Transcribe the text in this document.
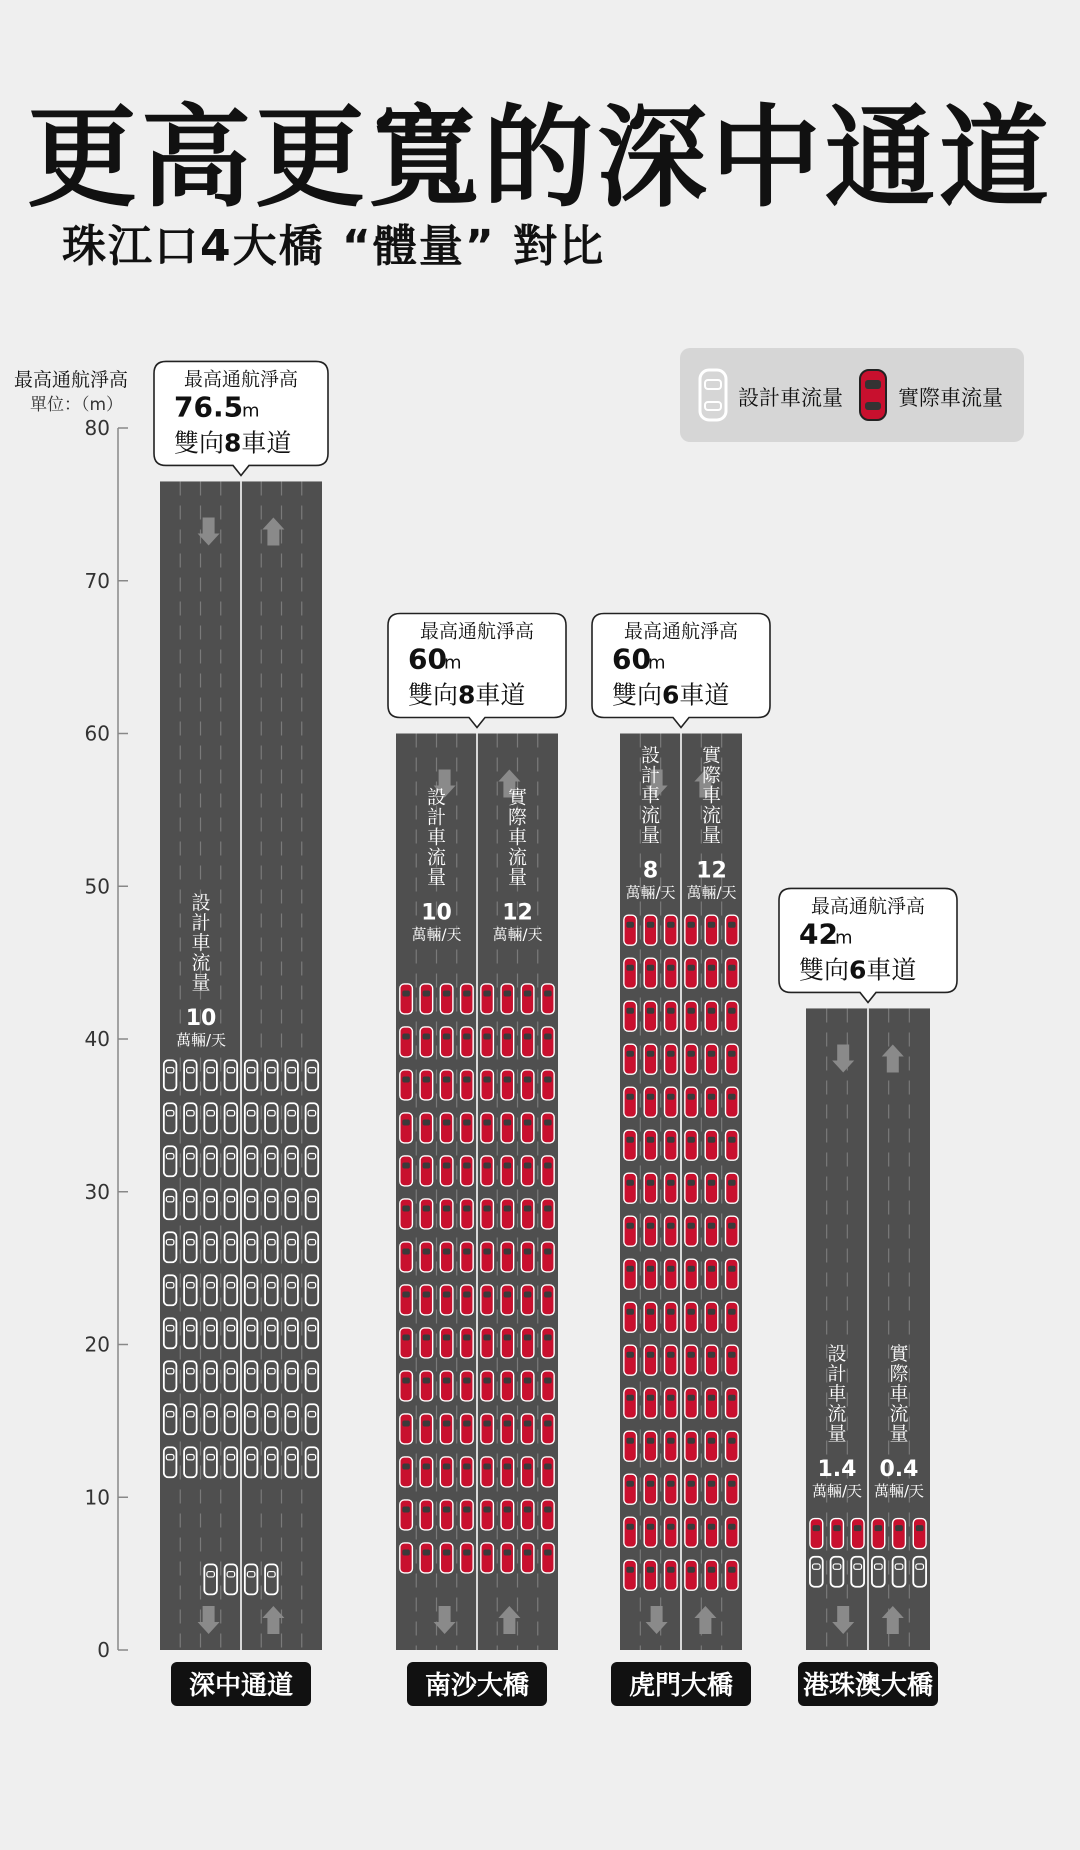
更高更寬的深中通道
珠江口4大橋 “體量” 對比
最高通航淨高
單位：（m）	設計車流量	實際車流量
0
10
20
30
40
50
60
70
80
設計車流量
10
萬輛/天
深中通道
最高通航淨高
76.5
m
雙向8車道
設計車流量
10
萬輛/天
實際車流量
12
萬輛/天
南沙大橋
最高通航淨高
60
m
雙向8車道
設計車流量
8
萬輛/天
實際車流量
12
萬輛/天
虎門大橋
最高通航淨高
60
m
雙向6車道
設計車流量
1.4
萬輛/天
實際車流量
0.4
萬輛/天
港珠澳大橋
最高通航淨高
42
m
雙向6車道
